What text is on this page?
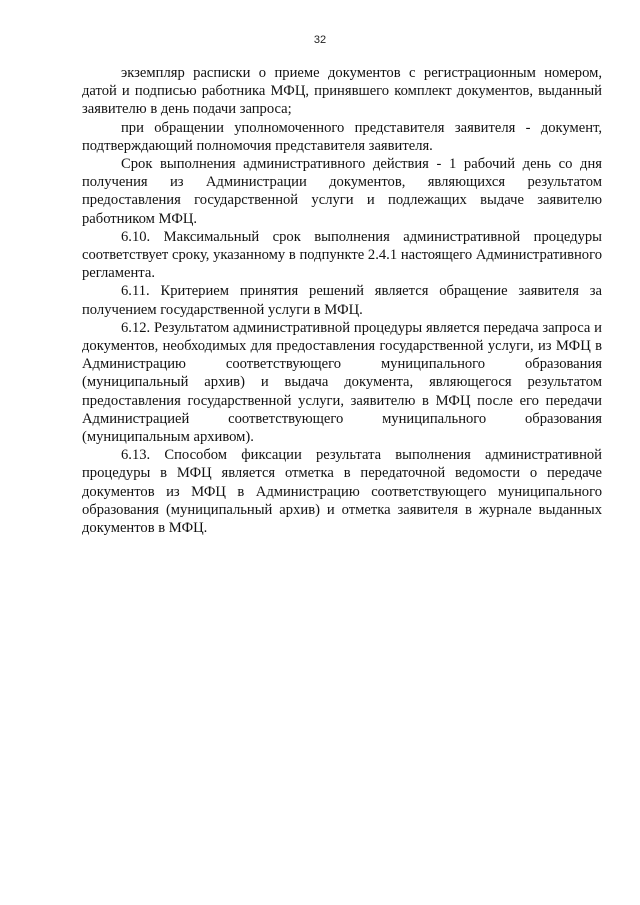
32

экземпляр расписки о приеме документов с регистрационным номером, датой и подписью работника МФЦ, принявшего комплект документов, выданный заявителю в день подачи запроса;

при обращении уполномоченного представителя заявителя - документ, подтверждающий полномочия представителя заявителя.

Срок выполнения административного действия - 1 рабочий день со дня получения из Администрации документов, являющихся результатом предоставления государственной услуги и подлежащих выдаче заявителю работником МФЦ.

6.10. Максимальный срок выполнения административной процедуры соответствует сроку, указанному в подпункте 2.4.1 настоящего Административного регламента.

6.11. Критерием принятия решений является обращение заявителя за получением государственной услуги в МФЦ.

6.12. Результатом административной процедуры является передача запроса и документов, необходимых для предоставления государственной услуги, из МФЦ в Администрацию соответствующего муниципального образования (муниципальный архив) и выдача документа, являющегося результатом предоставления государственной услуги, заявителю в МФЦ после его передачи Администрацией соответствующего муниципального образования (муниципальным архивом).

6.13. Способом фиксации результата выполнения административной процедуры в МФЦ является отметка в передаточной ведомости о передаче документов из МФЦ в Администрацию соответствующего муниципального образования (муниципальный архив) и отметка заявителя в журнале выданных документов в МФЦ.
